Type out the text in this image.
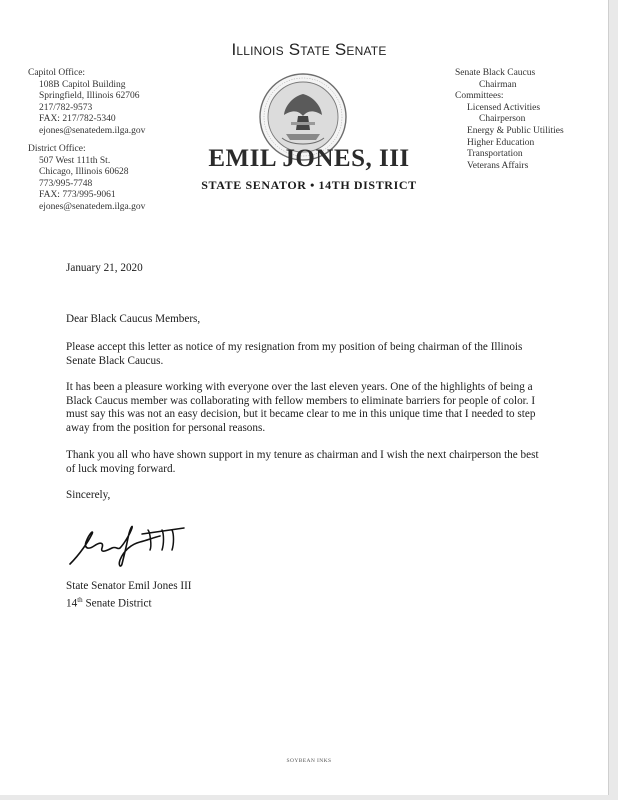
Illinois State Senate

EMIL JONES, III

STATE SENATOR • 14TH DISTRICT

Capitol Office:
108B Capitol Building
Springfield, Illinois 62706
217/782-9573
FAX: 217/782-5340
ejones@senatedem.ilga.gov
District Office:
507 West 111th St.
Chicago, Illinois 60628
773/995-7748
FAX: 773/995-9061
ejones@senatedem.ilga.gov
Senate Black Caucus
Chairman
Committees:
Licensed Activities
Chairperson
Energy & Public Utilities
Higher Education
Transportation
Veterans Affairs

January 21, 2020

Dear Black Caucus Members,

Please accept this letter as notice of my resignation from my position of being chairman of the Illinois Senate Black Caucus.

It has been a pleasure working with everyone over the last eleven years. One of the highlights of being a Black Caucus member was collaborating with fellow members to eliminate barriers for people of color. I must say this was not an easy decision, but it became clear to me in this unique time that I needed to step away from the position for personal reasons.

Thank you all who have shown support in my tenure as chairman and I wish the next chairperson the best of luck moving forward.

Sincerely,

State Senator Emil Jones III

14th Senate District

SOYBEAN INKS
